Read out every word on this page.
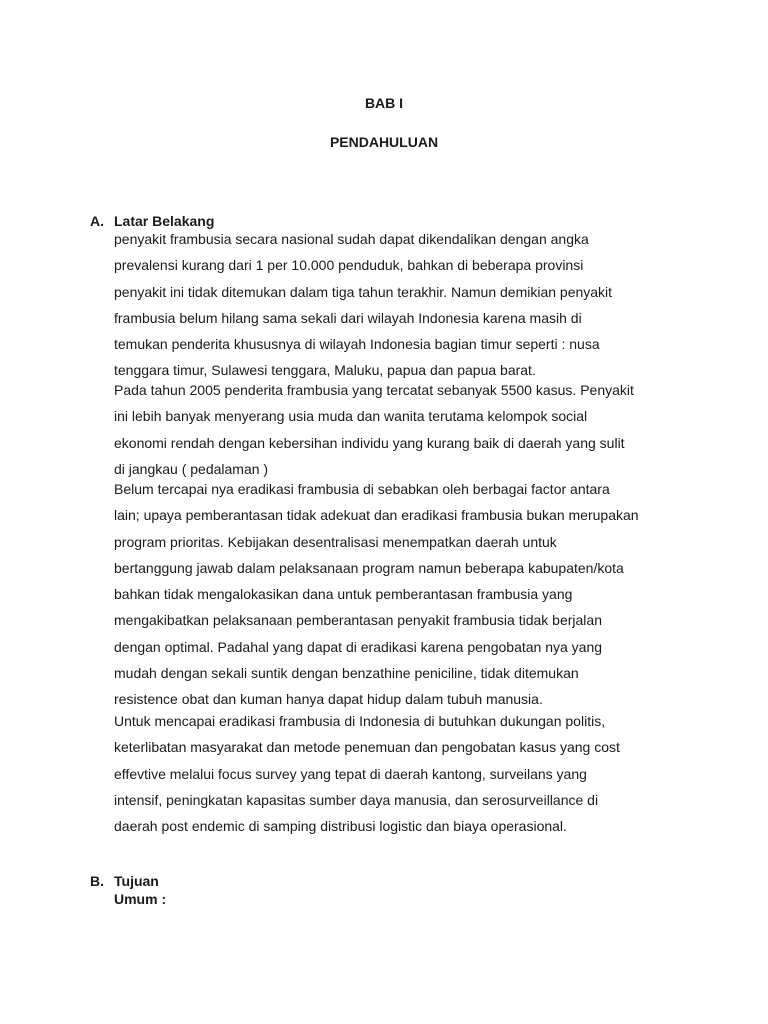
BAB I
PENDAHULUAN
A. Latar Belakang
penyakit frambusia secara nasional sudah dapat dikendalikan dengan angka
prevalensi kurang dari 1 per 10.000 penduduk, bahkan di beberapa provinsi
penyakit ini tidak ditemukan dalam tiga tahun terakhir. Namun demikian penyakit
frambusia belum hilang sama sekali dari wilayah Indonesia karena masih di
temukan penderita khususnya di wilayah Indonesia bagian timur seperti : nusa
tenggara timur, Sulawesi tenggara, Maluku, papua dan papua barat.
Pada tahun 2005 penderita frambusia yang tercatat sebanyak 5500 kasus. Penyakit
ini lebih banyak menyerang usia muda dan wanita terutama kelompok social
ekonomi rendah dengan kebersihan individu yang kurang baik di daerah yang sulit
di jangkau ( pedalaman )
Belum tercapai nya eradikasi frambusia di sebabkan oleh berbagai factor antara
lain; upaya pemberantasan tidak adekuat dan eradikasi frambusia bukan merupakan
program prioritas. Kebijakan desentralisasi menempatkan daerah untuk
bertanggung jawab dalam pelaksanaan program namun beberapa kabupaten/kota
bahkan tidak mengalokasikan dana untuk pemberantasan frambusia yang
mengakibatkan pelaksanaan pemberantasan penyakit frambusia tidak berjalan
dengan optimal. Padahal yang dapat di eradikasi karena pengobatan nya yang
mudah dengan sekali suntik dengan benzathine peniciline, tidak ditemukan
resistence obat dan kuman hanya dapat hidup dalam tubuh manusia.
Untuk mencapai eradikasi frambusia di Indonesia di butuhkan dukungan politis,
keterlibatan masyarakat dan metode penemuan dan pengobatan kasus yang cost
effevtive melalui focus survey yang tepat di daerah kantong, surveilans yang
intensif, peningkatan kapasitas sumber daya manusia, dan serosurveillance di
daerah post endemic di samping distribusi logistic dan biaya operasional.
B. Tujuan
Umum :
